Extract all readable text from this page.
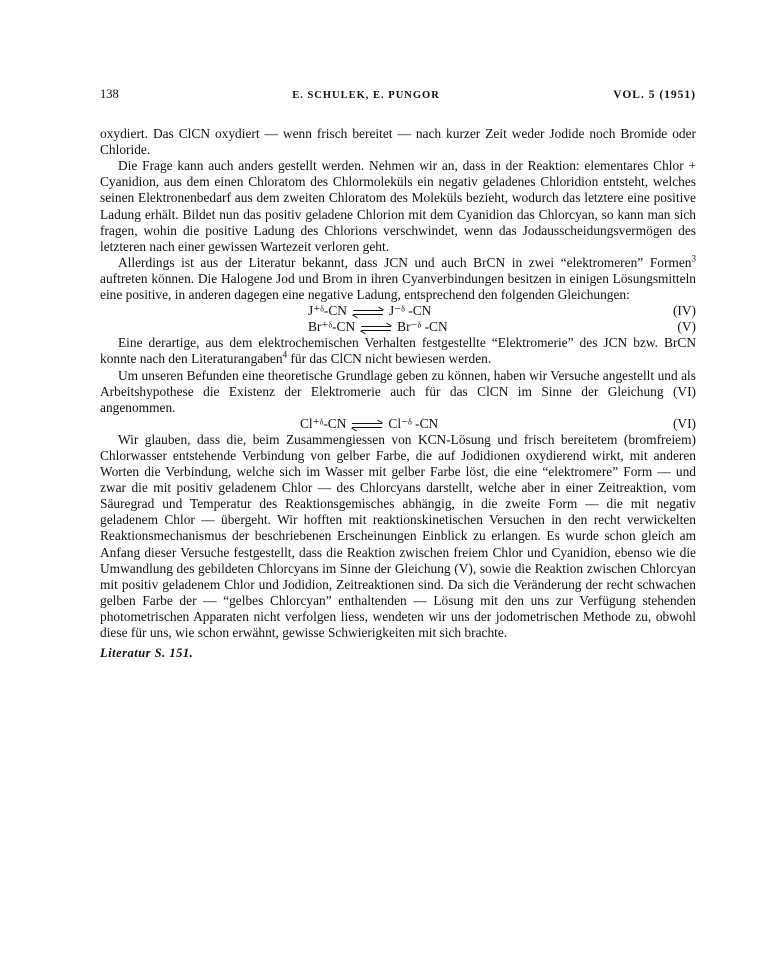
138	E. SCHULEK, E. PUNGOR	VOL. 5 (1951)

oxydiert. Das ClCN oxydiert — wenn frisch bereitet — nach kurzer Zeit weder Jodide noch Bromide oder Chloride.

Die Frage kann auch anders gestellt werden. Nehmen wir an, dass in der Reaktion: elementares Chlor + Cyanidion, aus dem einen Chloratom des Chlormoleküls ein negativ geladenes Chloridion entsteht, welches seinen Elektronenbedarf aus dem zweiten Chloratom des Moleküls bezieht, wodurch das letztere eine positive Ladung erhält. Bildet nun das positiv geladene Chlorion mit dem Cyanidion das Chlorcyan, so kann man sich fragen, wohin die positive Ladung des Chlorions verschwindet, wenn das Jodausscheidungsvermögen des letzteren nach einer gewissen Wartezeit verloren geht.

Allerdings ist aus der Literatur bekannt, dass JCN und auch BrCN in zwei “elektromeren” Formen$^3$ auftreten können. Die Halogene Jod und Brom in ihren Cyanverbindungen besitzen in einigen Lösungsmitteln eine positive, in anderen dagegen eine negative Ladung, entsprechend den folgenden Gleichungen:

J⁺ᵟ-CN	J⁻ᵟ -CN	(IV)
Br⁺ᵟ-CN	Br⁻ᵟ -CN	(V)

Eine derartige, aus dem elektrochemischen Verhalten festgestellte “Elektromerie” des JCN bzw. BrCN konnte nach den Literaturangaben$^4$ für das ClCN nicht bewiesen werden.

Um unseren Befunden eine theoretische Grundlage geben zu können, haben wir Versuche angestellt und als Arbeitshypothese die Existenz der Elektromerie auch für das ClCN im Sinne der Gleichung (VI) angenommen.

Cl⁺ᵟ-CN	Cl⁻ᵟ -CN	(VI)

Wir glauben, dass die, beim Zusammengiessen von KCN-Lösung und frisch bereitetem (bromfreiem) Chlorwasser entstehende Verbindung von gelber Farbe, die auf Jodidionen oxydierend wirkt, mit anderen Worten die Verbindung, welche sich im Wasser mit gelber Farbe löst, die eine “elektromere” Form — und zwar die mit positiv geladenem Chlor — des Chlorcyans darstellt, welche aber in einer Zeitreaktion, vom Säuregrad und Temperatur des Reaktionsgemisches abhängig, in die zweite Form — die mit negativ geladenem Chlor — übergeht. Wir hofften mit reaktionskinetischen Versuchen in den recht verwickelten Reaktionsmechanismus der beschriebenen Erscheinungen Einblick zu erlangen. Es wurde schon gleich am Anfang dieser Versuche festgestellt, dass die Reaktion zwischen freiem Chlor und Cyanidion, ebenso wie die Umwandlung des gebildeten Chlorcyans im Sinne der Gleichung (V), sowie die Reaktion zwischen Chlorcyan mit positiv geladenem Chlor und Jodidion, Zeitreaktionen sind. Da sich die Veränderung der recht schwachen gelben Farbe der — “gelbes Chlorcyan” enthaltenden — Lösung mit den uns zur Verfügung stehenden photometrischen Apparaten nicht verfolgen liess, wendeten wir uns der jodometrischen Methode zu, obwohl diese für uns, wie schon erwähnt, gewisse Schwierigkeiten mit sich brachte.

Literatur S. 151.
